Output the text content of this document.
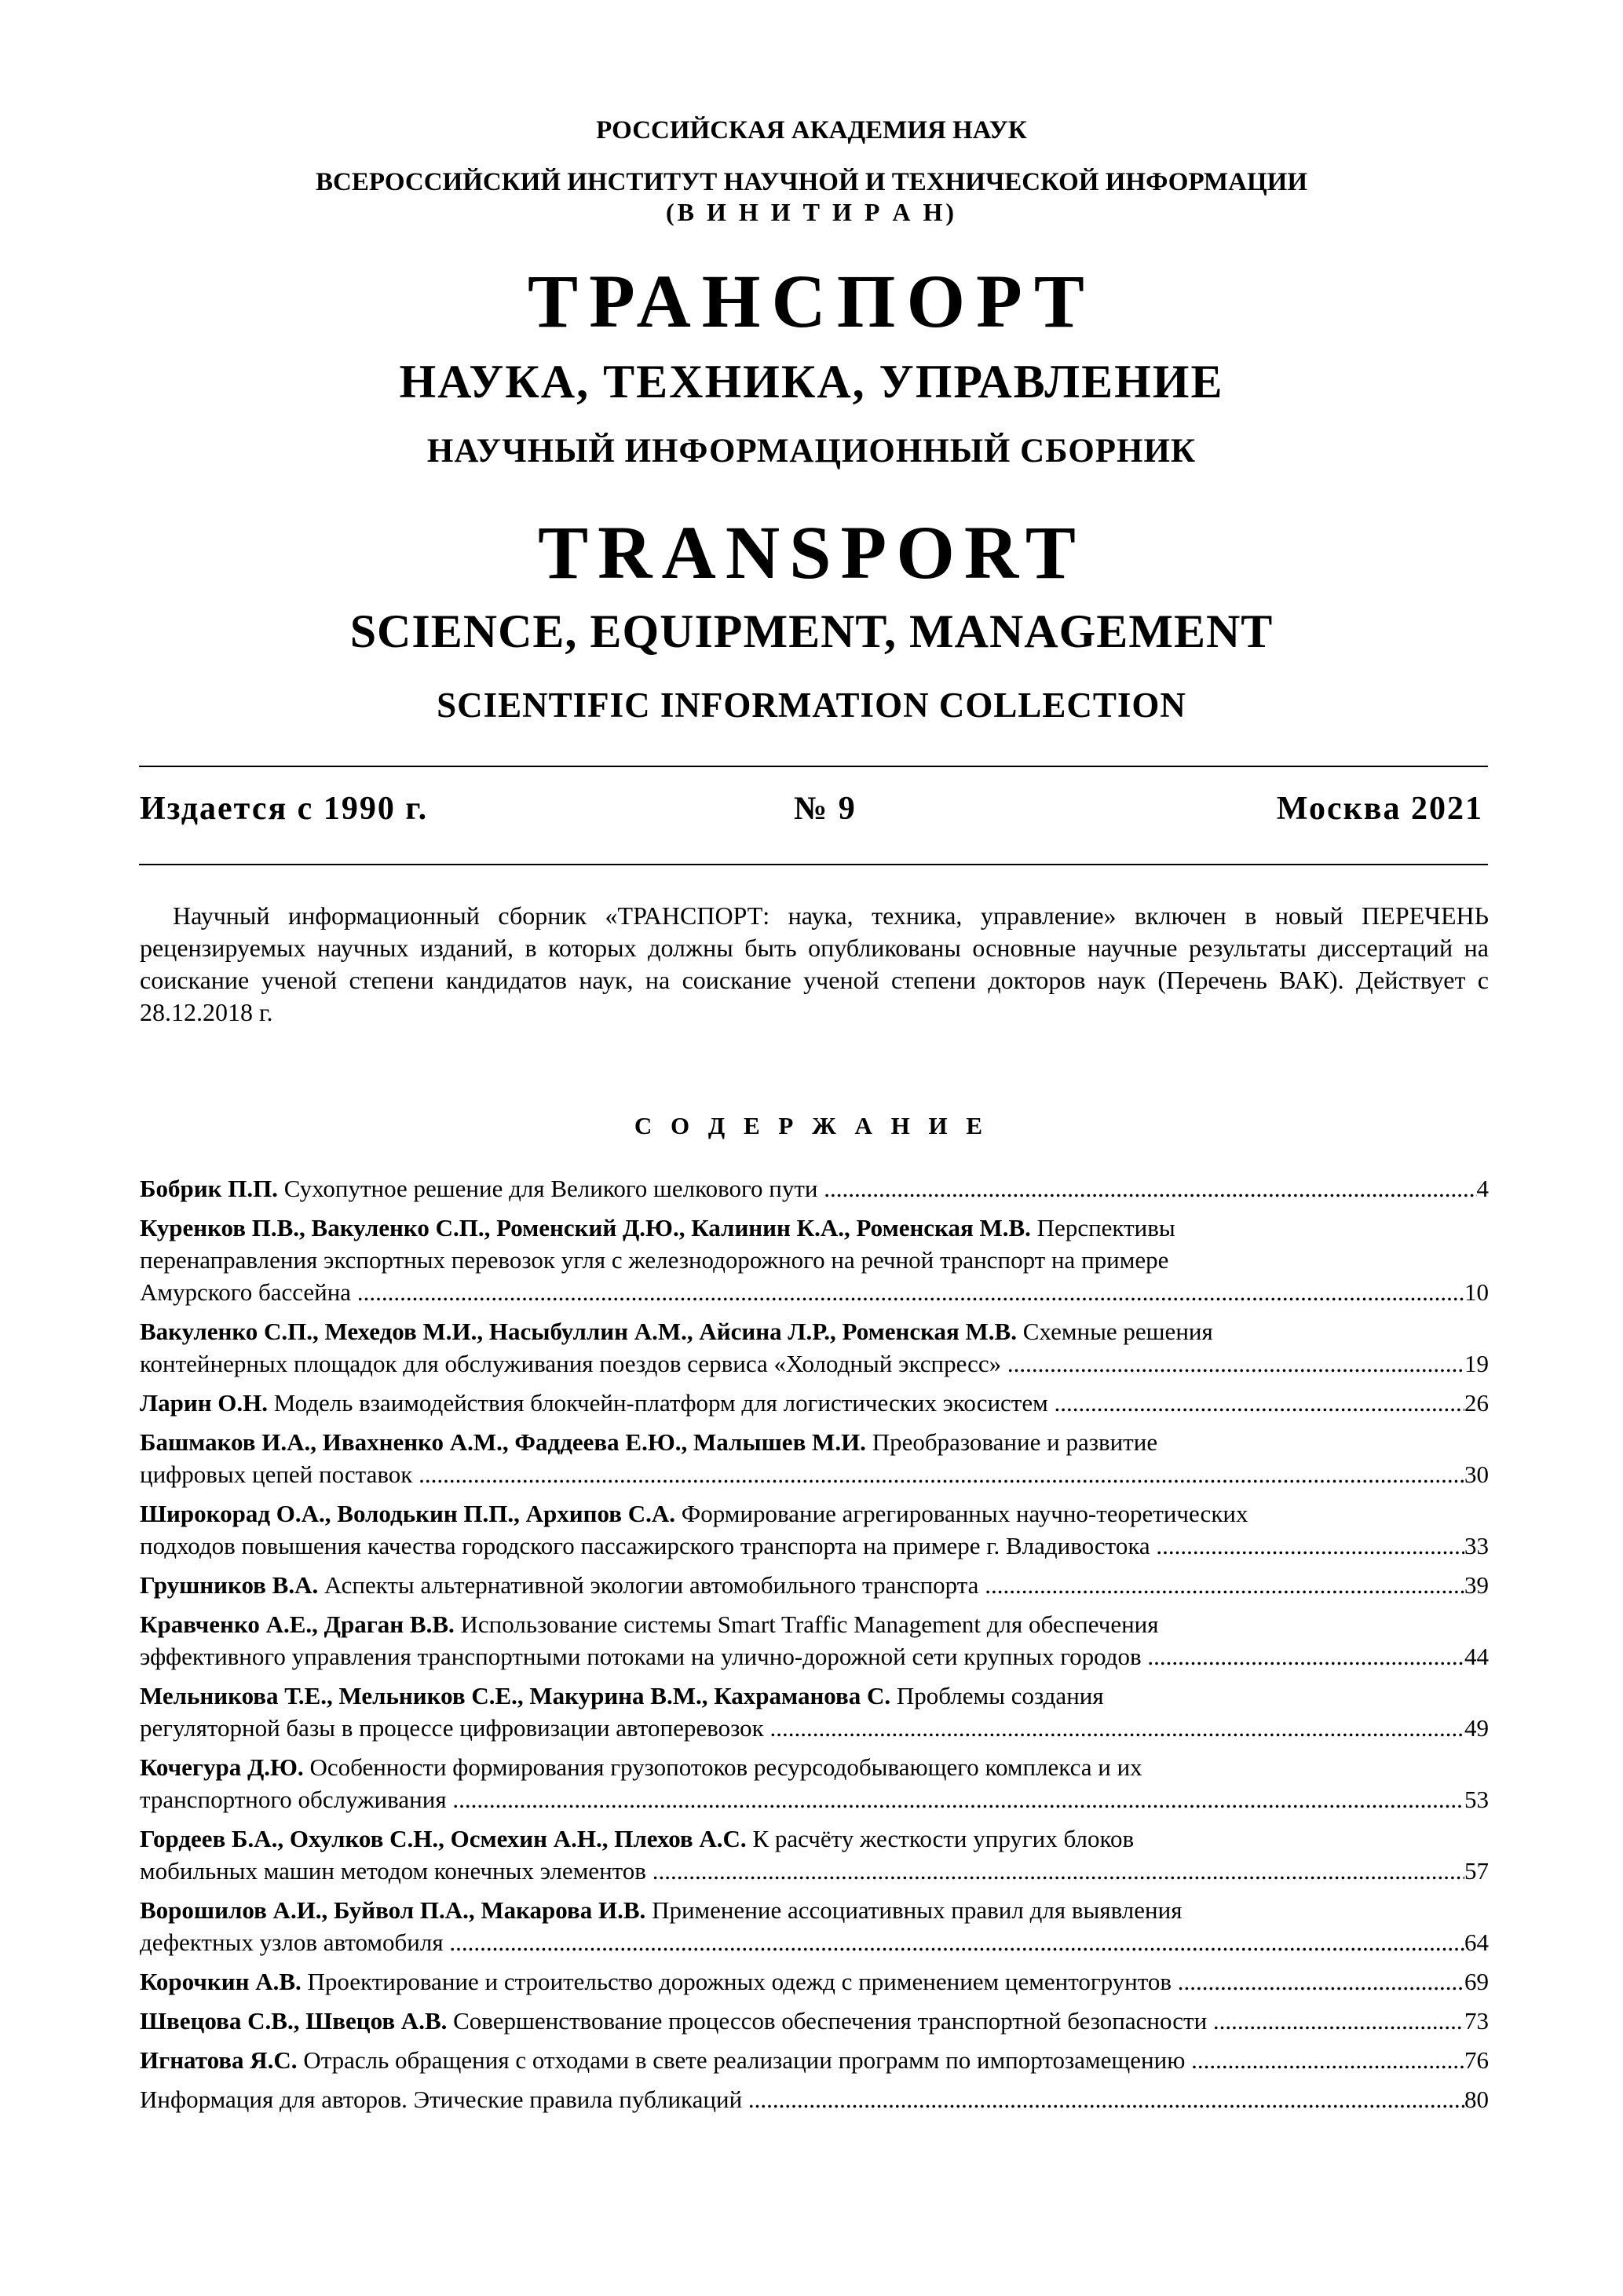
РОССИЙСКАЯ АКАДЕМИЯ НАУК
ВСЕРОССИЙСКИЙ ИНСТИТУТ НАУЧНОЙ И ТЕХНИЧЕСКОЙ ИНФОРМАЦИИ
(В И Н И Т И Р А Н)
ТРАНСПОРТ
НАУКА, ТЕХНИКА, УПРАВЛЕНИЕ
НАУЧНЫЙ ИНФОРМАЦИОННЫЙ СБОРНИК
TRANSPORT
SCIENCE, EQUIPMENT, MANAGEMENT
SCIENTIFIC INFORMATION COLLECTION
Издается с 1990 г.	№ 9	Москва 2021
Научный информационный сборник «ТРАНСПОРТ: наука, техника, управление» включен в новый ПЕРЕЧЕНЬ рецензируемых научных изданий, в которых должны быть опубликованы основные научные результаты диссертаций на соискание ученой степени кандидатов наук, на соискание ученой степени докторов наук (Перечень ВАК). Действует с 28.12.2018 г.
С О Д Е Р Ж А Н И Е
Бобрик П.П. Сухопутное решение для Великого шелкового пути .....	4
Куренков П.В., Вакуленко С.П., Роменский Д.Ю., Калинин К.А., Роменская М.В. Перспективы
перенаправления экспортных перевозок угля с железнодорожного на речной транспорт на примере
Амурского бассейна .....	10
Вакуленко С.П., Мехедов М.И., Насыбуллин А.М., Айсина Л.Р., Роменская М.В. Схемные решения
контейнерных площадок для обслуживания поездов сервиса «Холодный экспресс» .....	19
Ларин О.Н. Модель взаимодействия блокчейн-платформ для логистических экосистем .....	26
Башмаков И.А., Ивахненко А.М., Фаддеева Е.Ю., Малышев М.И. Преобразование и развитие
цифровых цепей поставок .....	30
Широкорад О.А., Володькин П.П., Архипов С.А. Формирование агрегированных научно-теоретических
подходов повышения качества городского пассажирского транспорта на примере г. Владивостока .....	33
Грушников В.А. Аспекты альтернативной экологии автомобильного транспорта .....	39
Кравченко А.Е., Драган В.В. Использование системы Smart Traffic Management для обеспечения
эффективного управления транспортными потоками на улично-дорожной сети крупных городов .....	44
Мельникова Т.Е., Мельников С.Е., Макурина В.М., Кахраманова С. Проблемы создания
регуляторной базы в процессе цифровизации автоперевозок .....	49
Кочегура Д.Ю. Особенности формирования грузопотоков ресурсодобывающего комплекса и их
транспортного обслуживания .....	53
Гордеев Б.А., Охулков С.Н., Осмехин А.Н., Плехов А.С. К расчёту жесткости упругих блоков
мобильных машин методом конечных элементов .....	57
Ворошилов А.И., Буйвол П.А., Макарова И.В. Применение ассоциативных правил для выявления
дефектных узлов автомобиля .....	64
Корочкин А.В. Проектирование и строительство дорожных одежд с применением цементогрунтов .....	69
Швецова С.В., Швецов А.В. Совершенствование процессов обеспечения транспортной безопасности .....	73
Игнатова Я.С. Отрасль обращения с отходами в свете реализации программ по импортозамещению .....	76
Информация для авторов. Этические правила публикаций .....	80
